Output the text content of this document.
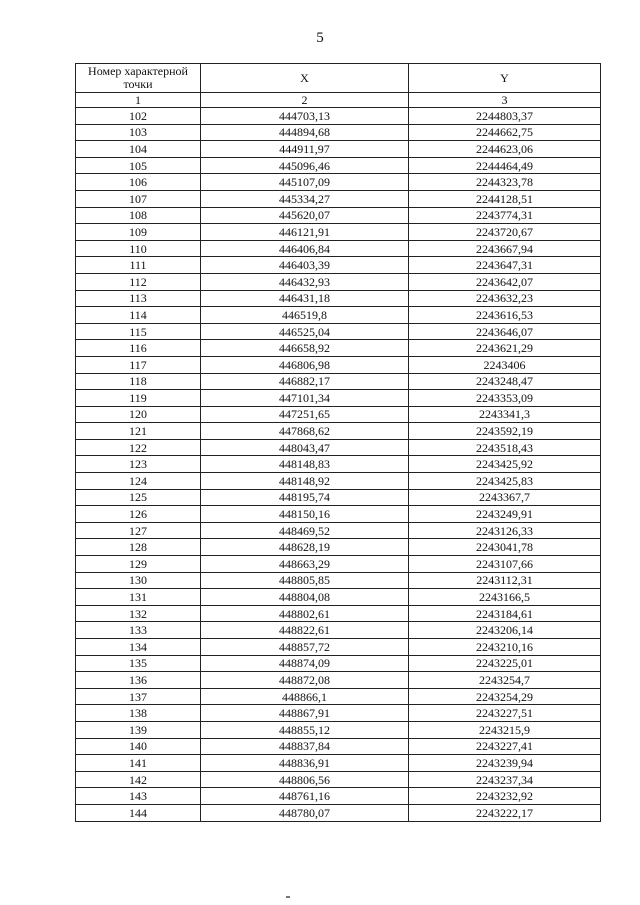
5
Номер характерной точки	X	Y
1	2	3
102	444703,13	2244803,37
103	444894,68	2244662,75
104	444911,97	2244623,06
105	445096,46	2244464,49
106	445107,09	2244323,78
107	445334,27	2244128,51
108	445620,07	2243774,31
109	446121,91	2243720,67
110	446406,84	2243667,94
111	446403,39	2243647,31
112	446432,93	2243642,07
113	446431,18	2243632,23
114	446519,8	2243616,53
115	446525,04	2243646,07
116	446658,92	2243621,29
117	446806,98	2243406
118	446882,17	2243248,47
119	447101,34	2243353,09
120	447251,65	2243341,3
121	447868,62	2243592,19
122	448043,47	2243518,43
123	448148,83	2243425,92
124	448148,92	2243425,83
125	448195,74	2243367,7
126	448150,16	2243249,91
127	448469,52	2243126,33
128	448628,19	2243041,78
129	448663,29	2243107,66
130	448805,85	2243112,31
131	448804,08	2243166,5
132	448802,61	2243184,61
133	448822,61	2243206,14
134	448857,72	2243210,16
135	448874,09	2243225,01
136	448872,08	2243254,7
137	448866,1	2243254,29
138	448867,91	2243227,51
139	448855,12	2243215,9
140	448837,84	2243227,41
141	448836,91	2243239,94
142	448806,56	2243237,34
143	448761,16	2243232,92
144	448780,07	2243222,17
